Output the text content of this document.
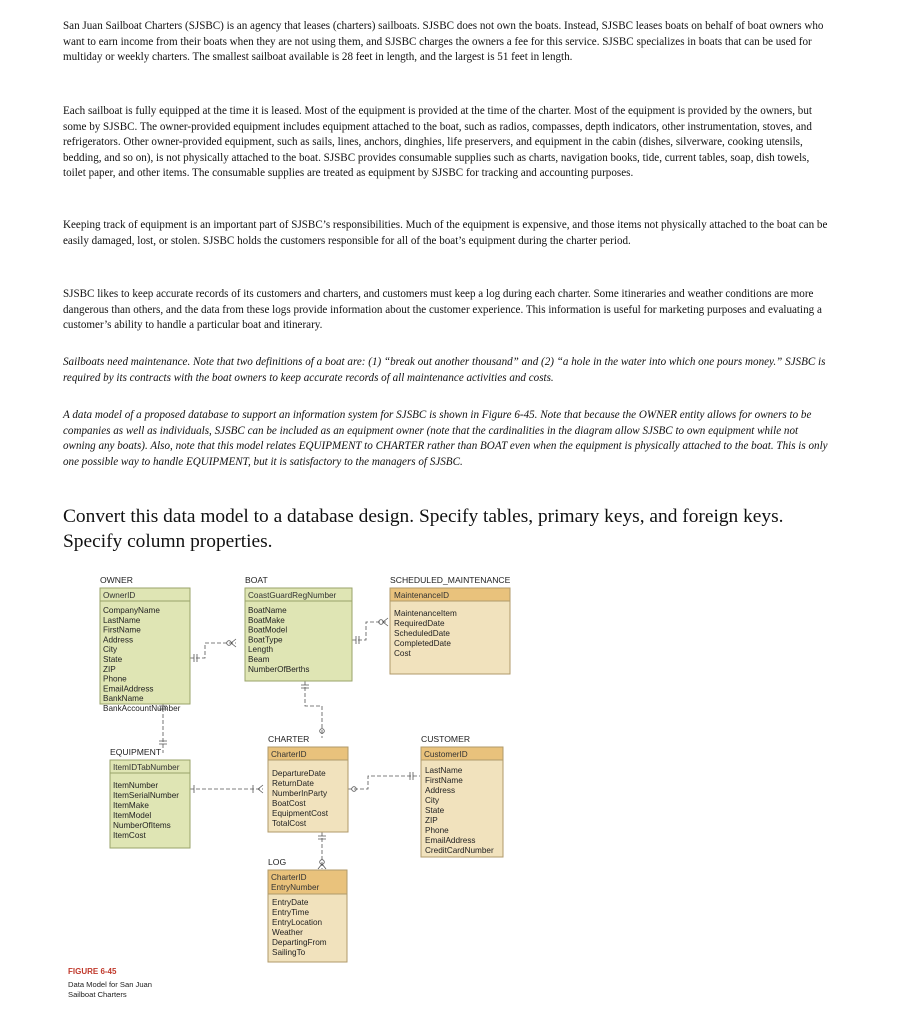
San Juan Sailboat Charters (SJSBC) is an agency that leases (charters) sailboats. SJSBC does not own the boats. Instead, SJSBC leases boats on behalf of boat owners who want to earn income from their boats when they are not using them, and SJSBC charges the owners a fee for this service. SJSBC specializes in boats that can be used for multiday or weekly charters. The smallest sailboat available is 28 feet in length, and the largest is 51 feet in length.

Each sailboat is fully equipped at the time it is leased. Most of the equipment is provided at the time of the charter. Most of the equipment is provided by the owners, but some by SJSBC. The owner-provided equipment includes equipment attached to the boat, such as radios, compasses, depth indicators, other instrumentation, stoves, and refrigerators. Other owner-provided equipment, such as sails, lines, anchors, dinghies, life preservers, and equipment in the cabin (dishes, silverware, cooking utensils, bedding, and so on), is not physically attached to the boat. SJSBC provides consumable supplies such as charts, navigation books, tide, current tables, soap, dish towels, toilet paper, and other items. The consumable supplies are treated as equipment by SJSBC for tracking and accounting purposes.

Keeping track of equipment is an important part of SJSBC’s responsibilities. Much of the equipment is expensive, and those items not physically attached to the boat can be easily damaged, lost, or stolen. SJSBC holds the customers responsible for all of the boat’s equipment during the charter period.

SJSBC likes to keep accurate records of its customers and charters, and customers must keep a log during each charter. Some itineraries and weather conditions are more dangerous than others, and the data from these logs provide information about the customer experience. This information is useful for marketing purposes and evaluating a customer’s ability to handle a particular boat and itinerary.

Sailboats need maintenance. Note that two definitions of a boat are: (1) “break out another thousand” and (2) “a hole in the water into which one pours money.” SJSBC is required by its contracts with the boat owners to keep accurate records of all maintenance activities and costs.

A data model of a proposed database to support an information system for SJSBC is shown in Figure 6-45. Note that because the OWNER entity allows for owners to be companies as well as individuals, SJSBC can be included as an equipment owner (note that the cardinalities in the diagram allow SJSBC to own equipment while not owning any boats). Also, note that this model relates EQUIPMENT to CHARTER rather than BOAT even when the equipment is physically attached to the boat. This is only one possible way to handle EQUIPMENT, but it is satisfactory to the managers of SJSBC.

Convert this data model to a database design. Specify tables, primary keys, and foreign keys. Specify column properties.

OWNER
OwnerID
CompanyName
LastName
FirstName
Address
City
State
ZIP
Phone
EmailAddress
BankName
BankAccountNumber
BOAT
CoastGuardRegNumber
BoatName
BoatMake
BoatModel
BoatType
Length
Beam
NumberOfBerths
SCHEDULED_MAINTENANCE
MaintenanceID
MaintenanceItem
RequiredDate
ScheduledDate
CompletedDate
Cost
EQUIPMENT
ItemIDTabNumber
ItemNumber
ItemSerialNumber
ItemMake
ItemModel
NumberOfItems
ItemCost
CHARTER
CharterID
DepartureDate
ReturnDate
NumberInParty
BoatCost
EquipmentCost
TotalCost
CUSTOMER
CustomerID
LastName
FirstName
Address
City
State
ZIP
Phone
EmailAddress
CreditCardNumber
LOG
CharterID
EntryNumber
EntryDate
EntryTime
EntryLocation
Weather
DepartingFrom
SailingTo
FIGURE 6-45
Data Model for San Juan
Sailboat Charters
